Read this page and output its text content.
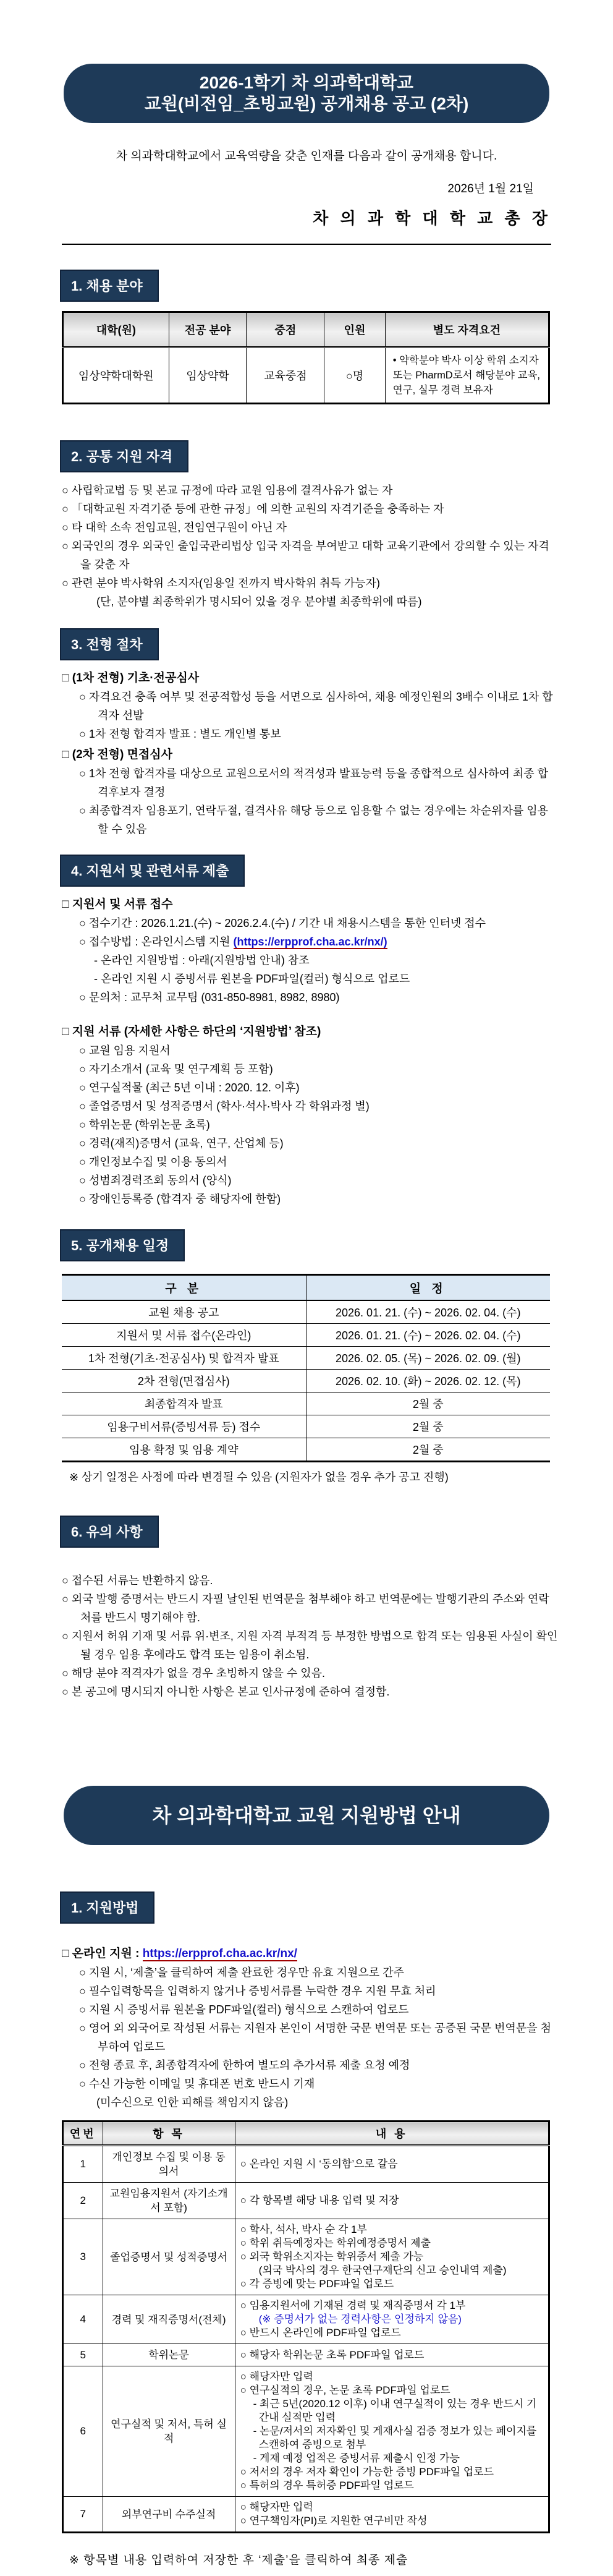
2026-1학기 차 의과학대학교
교원(비전임_초빙교원) 공개채용 공고 (2차)

차 의과학대학교에서 교육역량을 갖춘 인재를 다음과 같이 공개채용 합니다.

2026년 1월 21일

차 의 과 학 대 학 교 총 장

1. 채용 분야
대학(원)	전공 분야	중점	인원	별도 자격요건
임상약학대학원	임상약학	교육중점	○명	• 약학분야 박사 이상 학위 소지자 또는 PharmD로서 해당분야 교육, 연구, 실무 경력 보유자
2. 공통 지원 자격
○ 사립학교법 등 및 본교 규정에 따라 교원 임용에 결격사유가 없는 자
○ 「대학교원 자격기준 등에 관한 규정」에 의한 교원의 자격기준을 충족하는 자
○ 타 대학 소속 전임교원, 전임연구원이 아닌 자
○ 외국인의 경우 외국인 출입국관리법상 입국 자격을 부여받고 대학 교육기관에서 강의할 수 있는 자격을 갖춘 자
○ 관련 분야 박사학위 소지자(임용일 전까지 박사학위 취득 가능자)
(단, 분야별 최종학위가 명시되어 있을 경우 분야별 최종학위에 따름)
3. 전형 절차
□ (1차 전형) 기초·전공심사
○ 자격요건 충족 여부 및 전공적합성 등을 서면으로 심사하여, 채용 예정인원의 3배수 이내로 1차 합격자 선발
○ 1차 전형 합격자 발표 : 별도 개인별 통보
□ (2차 전형) 면접심사
○ 1차 전형 합격자를 대상으로 교원으로서의 적격성과 발표능력 등을 종합적으로 심사하여 최종 합격후보자 결정
○ 최종합격자 임용포기, 연락두절, 결격사유 해당 등으로 임용할 수 없는 경우에는 차순위자를 임용할 수 있음
4. 지원서 및 관련서류 제출
□ 지원서 및 서류 접수
○ 접수기간 : 2026.1.21.(수) ~ 2026.2.4.(수) / 기간 내 채용시스템을 통한 인터넷 접수
○ 접수방법 : 온라인시스템 지원 (https://erpprof.cha.ac.kr/nx/)
- 온라인 지원방법 : 아래(지원방법 안내) 참조
- 온라인 지원 시 증빙서류 원본을 PDF파일(컬러) 형식으로 업로드
○ 문의처 : 교무처 교무팀 (031-850-8981, 8982, 8980)
□ 지원 서류 (자세한 사항은 하단의 ‘지원방법’ 참조)
○ 교원 임용 지원서
○ 자기소개서 (교육 및 연구계획 등 포함)
○ 연구실적물 (최근 5년 이내 : 2020. 12. 이후)
○ 졸업증명서 및 성적증명서 (학사·석사·박사 각 학위과정 별)
○ 학위논문 (학위논문 초록)
○ 경력(재직)증명서 (교육, 연구, 산업체 등)
○ 개인정보수집 및 이용 동의서
○ 성범죄경력조회 동의서 (양식)
○ 장애인등록증 (합격자 중 해당자에 한함)
5. 공개채용 일정
구 분	일 정
교원 채용 공고	2026. 01. 21. (수) ~ 2026. 02. 04. (수)
지원서 및 서류 접수(온라인)	2026. 01. 21. (수) ~ 2026. 02. 04. (수)
1차 전형(기초·전공심사) 및 합격자 발표	2026. 02. 05. (목) ~ 2026. 02. 09. (월)
2차 전형(면접심사)	2026. 02. 10. (화) ~ 2026. 02. 12. (목)
최종합격자 발표	2월 중
임용구비서류(증빙서류 등) 접수	2월 중
임용 확정 및 임용 계약	2월 중

※ 상기 일정은 사정에 따라 변경될 수 있음 (지원자가 없을 경우 추가 공고 진행)

6. 유의 사항
○ 접수된 서류는 반환하지 않음.
○ 외국 발행 증명서는 반드시 자필 날인된 번역문을 첨부해야 하고 번역문에는 발행기관의 주소와 연락처를 반드시 명기해야 함.
○ 지원서 허위 기재 및 서류 위·변조, 지원 자격 부적격 등 부정한 방법으로 합격 또는 임용된 사실이 확인될 경우 임용 후에라도 합격 또는 임용이 취소됨.
○ 해당 분야 적격자가 없을 경우 초빙하지 않을 수 있음.
○ 본 공고에 명시되지 아니한 사항은 본교 인사규정에 준하여 결정함.
차 의과학대학교 교원 지원방법 안내
1. 지원방법
□ 온라인 지원 : https://erpprof.cha.ac.kr/nx/
○ 지원 시, ‘제출’을 클릭하여 제출 완료한 경우만 유효 지원으로 간주
○ 필수입력항목을 입력하지 않거나 증빙서류를 누락한 경우 지원 무효 처리
○ 지원 시 증빙서류 원본을 PDF파일(컬러) 형식으로 스캔하여 업로드
○ 영어 외 외국어로 작성된 서류는 지원자 본인이 서명한 국문 번역문 또는 공증된 국문 번역문을 첨부하여 업로드
○ 전형 종료 후, 최종합격자에 한하여 별도의 추가서류 제출 요청 예정
○ 수신 가능한 이메일 및 휴대폰 번호 반드시 기재
(미수신으로 인한 피해를 책임지지 않음)
연번	항 목	내 용
1	개인정보 수집 및 이용 동의서	○ 온라인 지원 시 ‘동의함’으로 갈음

2	교원임용지원서 (자기소개서 포함)	○ 각 항목별 해당 내용 입력 및 저장

3	졸업증명서 및 성적증명서	○ 학사, 석사, 박사 순 각 1부
○ 학위 취득예정자는 학위예정증명서 제출
○ 외국 학위소지자는 학위증서 제출 가능
(외국 박사의 경우 한국연구재단의 신고 승인내역 제출)
○ 각 증빙에 맞는 PDF파일 업로드

4	경력 및 재직증명서(전체)	○ 임용지원서에 기재된 경력 및 재직증명서 각 1부
(※ 증명서가 없는 경력사항은 인정하지 않음)
○ 반드시 온라인에 PDF파일 업로드

5	학위논문	○ 해당자 학위논문 초록 PDF파일 업로드

6	연구실적 및 저서, 특허 실적	
○ 해당자만 입력
○ 연구실적의 경우, 논문 초록 PDF파일 업로드
- 최근 5년(2020.12 이후) 이내 연구실적이 있는 경우 반드시 기간내 실적만 입력
- 논문/저서의 저자확인 및 게재사실 검증 정보가 있는 페이지를 스캔하여 증빙으로 첨부
- 게재 예정 업적은 증빙서류 제출시 인정 가능
○ 저서의 경우 저자 확인이 가능한 증빙 PDF파일 업로드
○ 특허의 경우 특허증 PDF파일 업로드

7	외부연구비 수주실적	○ 해당자만 입력
○ 연구책임자(PI)로 지원한 연구비만 작성

※ 항목별 내용 입력하여 저장한 후 ‘제출’을 클릭하여 최종 제출
